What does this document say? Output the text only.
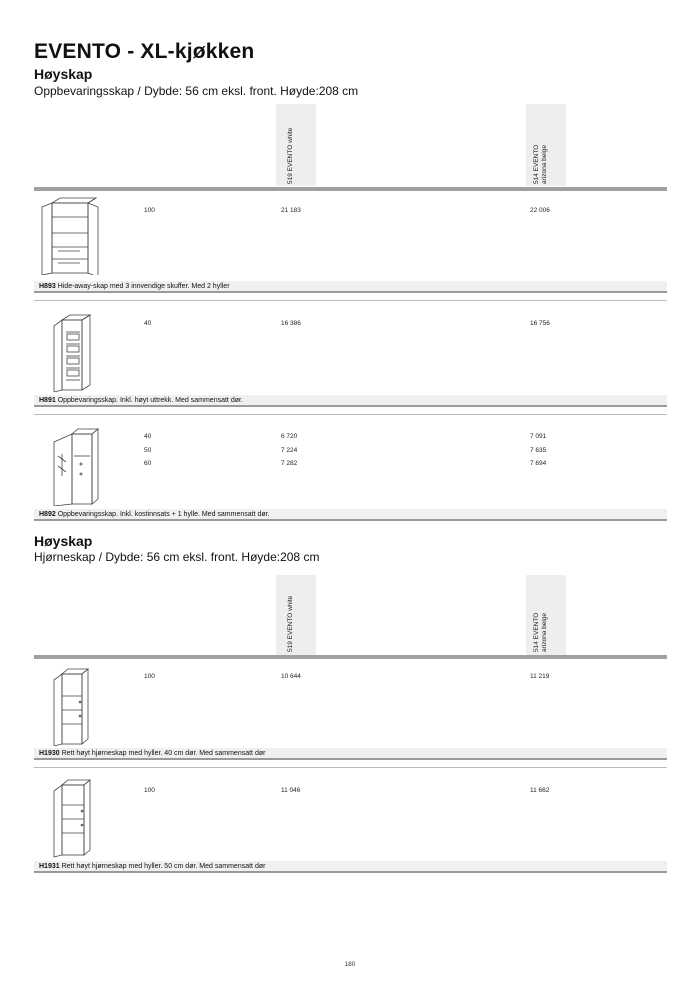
EVENTO - XL-kjøkken
Høyskap
Oppbevaringsskap / Dybde: 56 cm eksl. front. Høyde:208 cm
519 EVENTO white	514 EVENTO
arizona beige
100	21 183	22 006
H893 Hide-away-skap med 3 innvendige skuffer. Med 2 hyller
40	16 386	16 756
H891 Oppbevaringsskap. Inkl. høyt uttrekk. Med sammensatt dør.
40	6 720	7 091
50	7 224	7 635
60	7 282	7 694
H892 Oppbevaringsskap. Inkl. kostinnsats + 1 hylle. Med sammensatt dør.
Høyskap
Hjørneskap / Dybde: 56 cm eksl. front. Høyde:208 cm
519 EVENTO white	514 EVENTO
arizona beige
100	10 644	11 219
H1930 Rett høyt hjørneskap med hyller. 40 cm dør. Med sammensatt dør
100	11 046	11 662
H1931 Rett høyt hjørneskap med hyller. 50 cm dør. Med sammensatt dør
180
